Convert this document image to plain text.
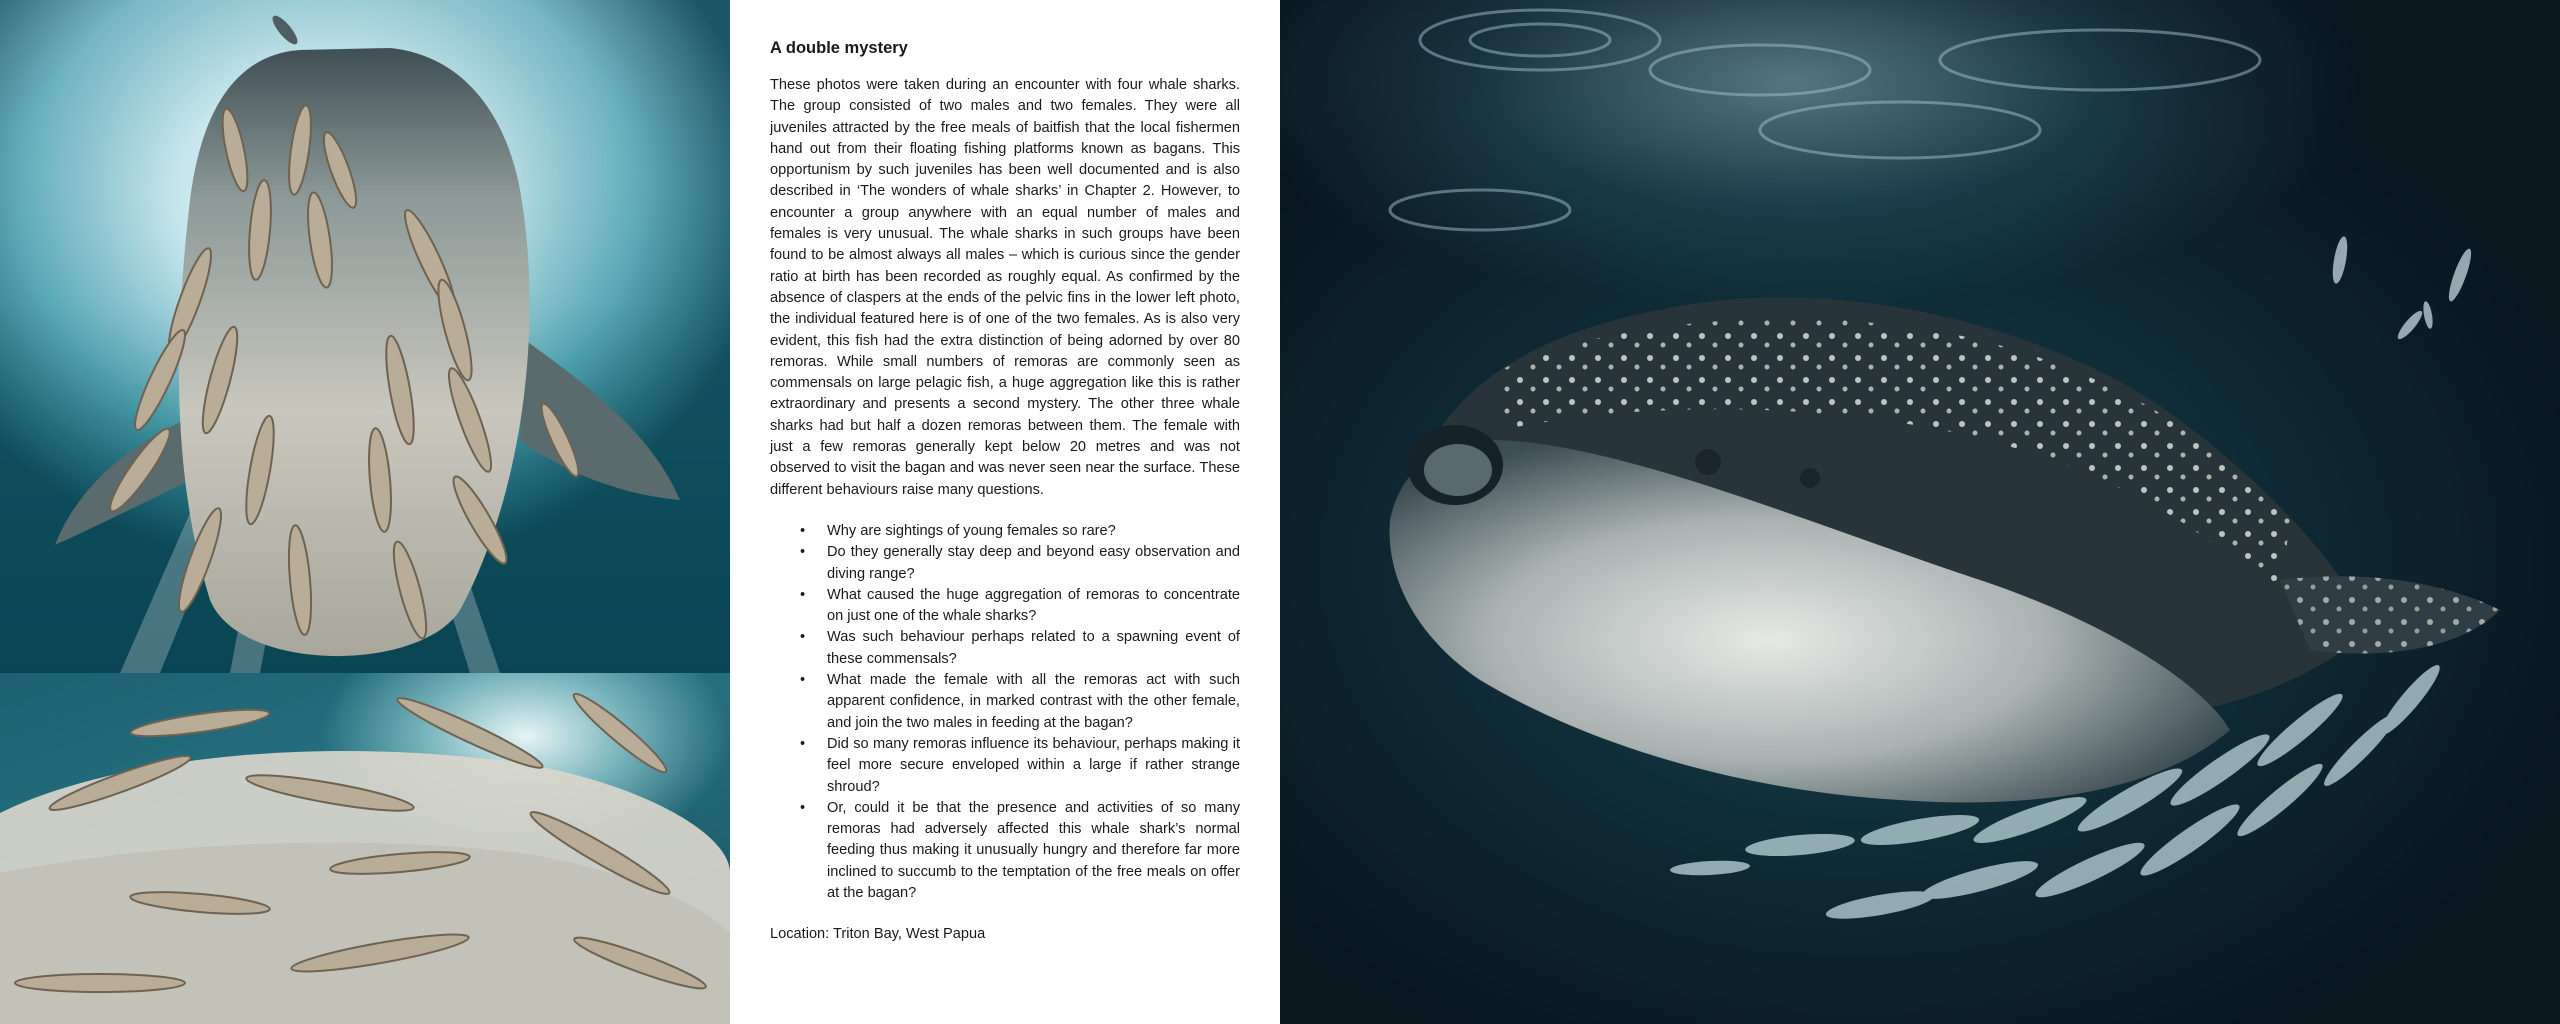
A double mystery

These photos were taken during an encounter with four whale sharks. The group consisted of two males and two females. They were all juveniles attracted by the free meals of baitfish that the local fishermen hand out from their floating fishing platforms known as bagans. This opportunism by such juveniles has been well documented and is also described in ‘The wonders of whale sharks’ in Chapter 2. However, to encounter a group anywhere with an equal number of males and females is very unusual. The whale sharks in such groups have been found to be almost always all males – which is curious since the gender ratio at birth has been recorded as roughly equal. As confirmed by the absence of claspers at the ends of the pelvic fins in the lower left photo, the individual featured here is of one of the two females. As is also very evident, this fish had the extra distinction of being adorned by over 80 remoras. While small numbers of remoras are commonly seen as commensals on large pelagic fish, a huge aggregation like this is rather extraordinary and presents a second mystery. The other three whale sharks had but half a dozen remoras between them. The female with just a few remoras generally kept below 20 metres and was not observed to visit the bagan and was never seen near the surface. These different behaviours raise many questions.

• Why are sightings of young females so rare?
• Do they generally stay deep and beyond easy observation and diving range?
• What caused the huge aggregation of remoras to concentrate on just one of the whale sharks?
• Was such behaviour perhaps related to a spawning event of these commensals?
• What made the female with all the remoras act with such apparent confidence, in marked contrast with the other female, and join the two males in feeding at the bagan?
• Did so many remoras influence its behaviour, perhaps making it feel more secure enveloped within a large if rather strange shroud?
• Or, could it be that the presence and activities of so many remoras had adversely affected this whale shark’s normal feeding thus making it unusually hungry and therefore far more inclined to succumb to the temptation of the free meals on offer at the bagan?

Location: Triton Bay, West Papua
